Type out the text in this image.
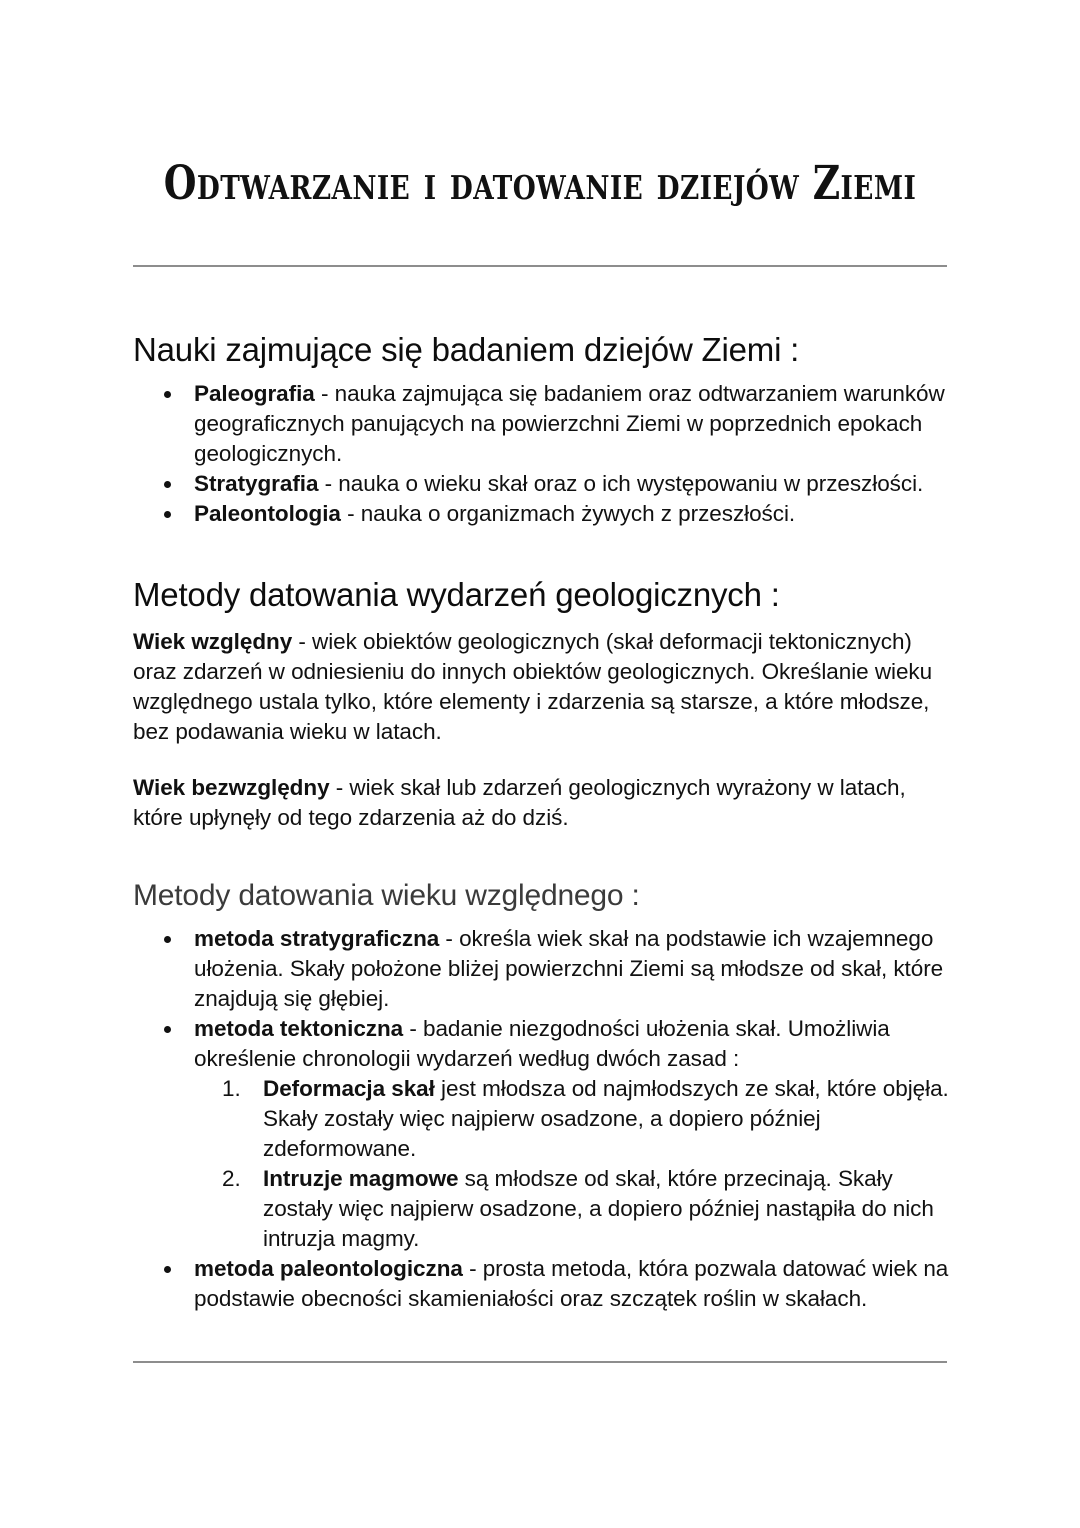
Odtwarzanie i datowanie dziejów Ziemi
Nauki zajmujące się badaniem dziejów Ziemi :
Paleografia - nauka zajmująca się badaniem oraz odtwarzaniem warunków geograficznych panujących na powierzchni Ziemi w poprzednich epokach geologicznych.
Stratygrafia - nauka o wieku skał oraz o ich występowaniu w przeszłości.
Paleontologia - nauka o organizmach żywych z przeszłości.
Metody datowania wydarzeń geologicznych :

Wiek względny - wiek obiektów geologicznych (skał deformacji tektonicznych) oraz zdarzeń w odniesieniu do innych obiektów geologicznych. Określanie wieku względnego ustala tylko, które elementy i zdarzenia są starsze, a które młodsze, bez podawania wieku w latach.

Wiek bezwzględny - wiek skał lub zdarzeń geologicznych wyrażony w latach, które upłynęły od tego zdarzenia aż do dziś.

Metody datowania wieku względnego :
metoda stratygraficzna - określa wiek skał na podstawie ich wzajemnego ułożenia. Skały położone bliżej powierzchni Ziemi są młodsze od skał, które znajdują się głębiej.
metoda tektoniczna - badanie niezgodności ułożenia skał. Umożliwia określenie chronologii wydarzeń według dwóch zasad :
Deformacja skał jest młodsza od najmłodszych ze skał, które objęła. Skały zostały więc najpierw osadzone, a dopiero później zdeformowane.
Intruzje magmowe są młodsze od skał, które przecinają. Skały zostały więc najpierw osadzone, a dopiero później nastąpiła do nich intruzja magmy.
metoda paleontologiczna - prosta metoda, która pozwala datować wiek na podstawie obecności skamieniałości oraz szczątek roślin w skałach.
